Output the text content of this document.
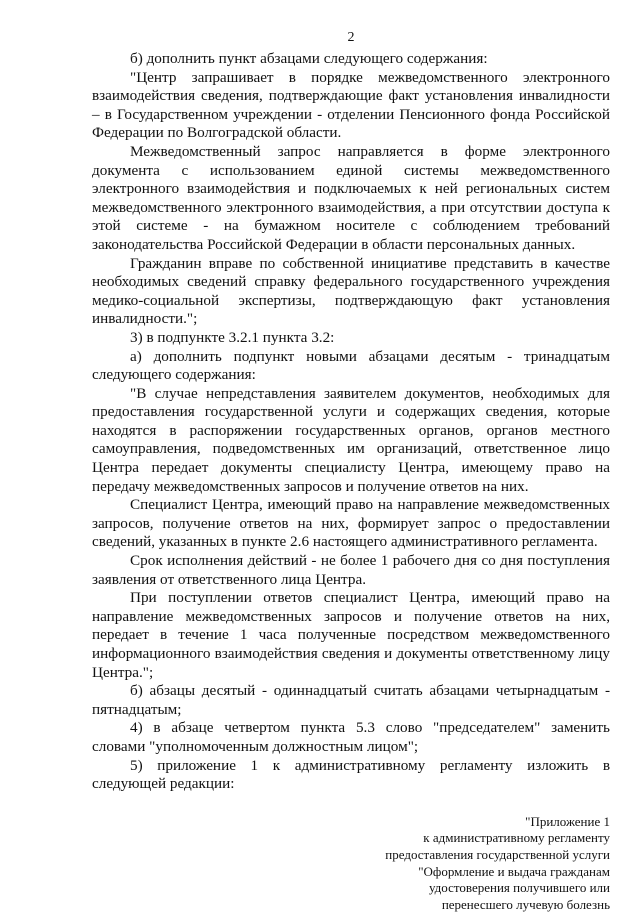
2

б) дополнить пункт абзацами следующего содержания:

"Центр запрашивает в порядке межведомственного электронного взаимодействия сведения, подтверждающие факт установления инвалидности – в Государственном учреждении - отделении Пенсионного фонда Российской Федерации по Волгоградской области.

Межведомственный запрос направляется в форме электронного документа с использованием единой системы межведомственного электронного взаимодействия и подключаемых к ней региональных систем межведомственного электронного взаимодействия, а при отсутствии доступа к этой системе - на бумажном носителе с соблюдением требований законодательства Российской Федерации в области персональных данных.

Гражданин вправе по собственной инициативе представить в качестве необходимых сведений справку федерального государственного учреждения медико-социальной экспертизы, подтверждающую факт установления инвалидности.";

3) в подпункте 3.2.1 пункта 3.2:

а) дополнить подпункт новыми абзацами десятым - тринадцатым следующего содержания:

"В случае непредставления заявителем документов, необходимых для предоставления государственной услуги и содержащих сведения, которые находятся в распоряжении государственных органов, органов местного самоуправления, подведомственных им организаций, ответственное лицо Центра передает документы специалисту Центра, имеющему право на передачу межведомственных запросов и получение ответов на них.

Специалист Центра, имеющий право на направление межведомственных запросов, получение ответов на них, формирует запрос о предоставлении сведений, указанных в пункте 2.6 настоящего административного регламента.

Срок исполнения действий - не более 1 рабочего дня со дня поступления заявления от ответственного лица Центра.

При поступлении ответов специалист Центра, имеющий право на направление межведомственных запросов и получение ответов на них, передает в течение 1 часа полученные посредством межведомственного информационного взаимодействия сведения и документы ответственному лицу Центра.";

б) абзацы десятый - одиннадцатый считать абзацами четырнадцатым - пятнадцатым;

4) в абзаце четвертом пункта 5.3 слово "председателем" заменить словами "уполномоченным должностным лицом";

5) приложение 1 к административному регламенту изложить в следующей редакции:

"Приложение 1
к административному регламенту
предоставления государственной услуги
"Оформление и выдача гражданам
удостоверения получившего или
перенесшего лучевую болезнь
